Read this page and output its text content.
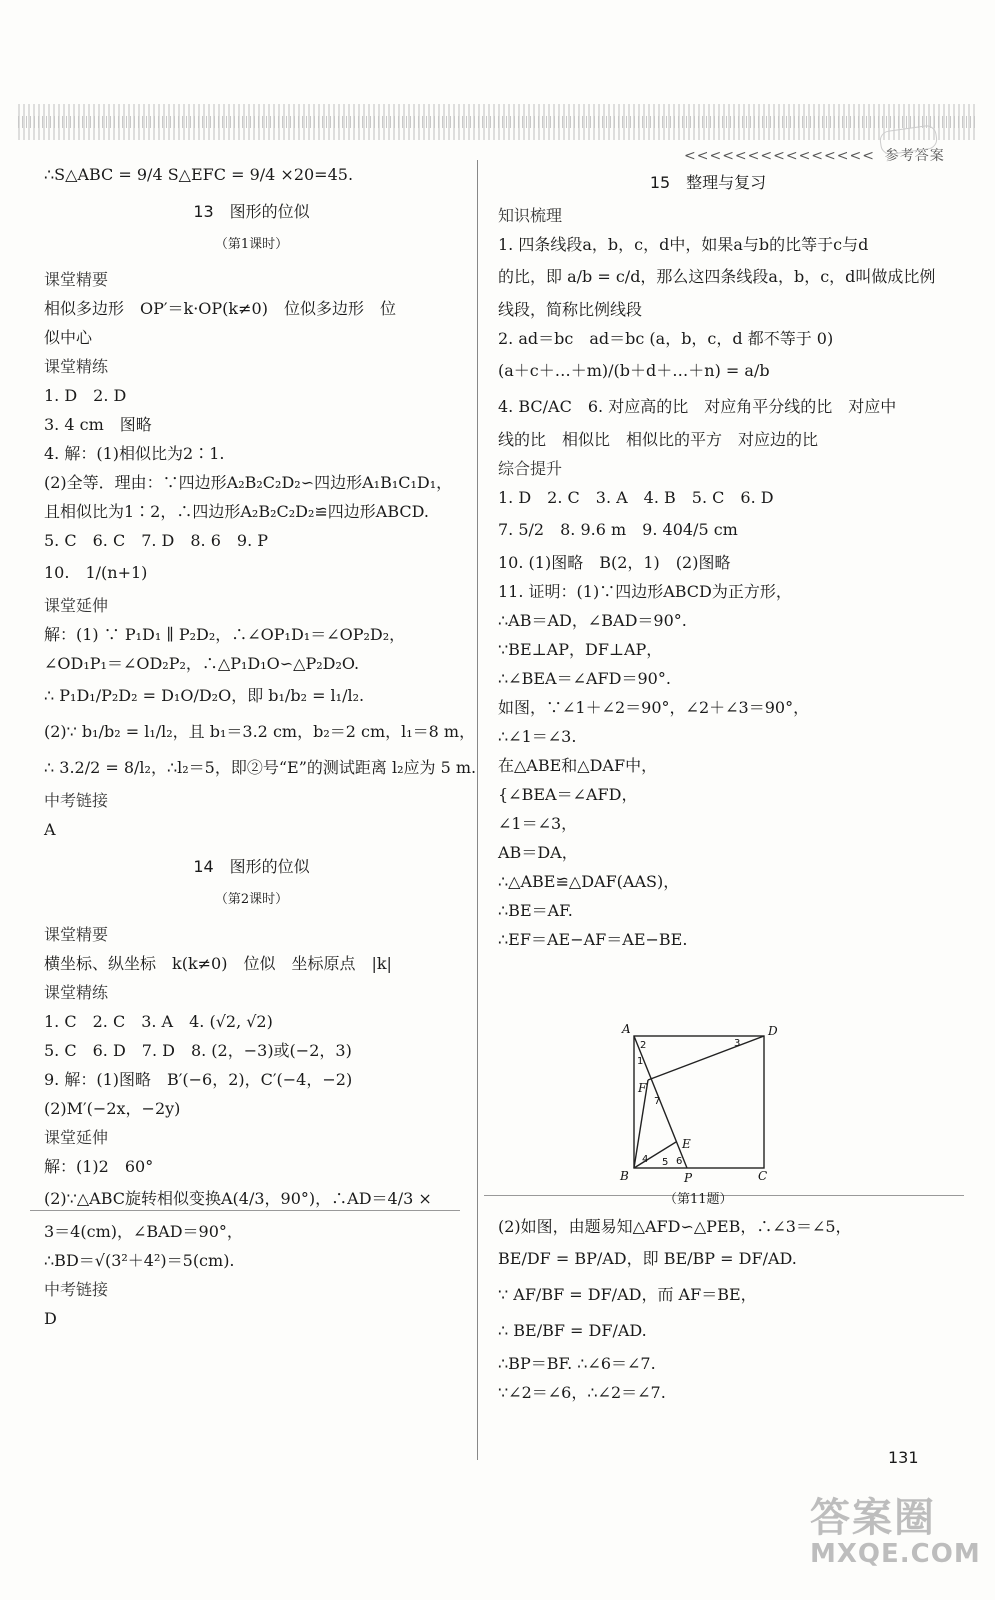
<<<<<<<<<<<<<<< 参考答案
∴S△ABC = 9/4 S△EFC = 9/4 ×20=45.
13　图形的位似
（第1课时）
课堂精要
相似多边形　OP′＝k·OP(k≠0)　位似多边形　位
似中心
课堂精练
1. D　2. D
3. 4 cm　图略
4. 解：(1)相似比为2∶1.
(2)全等．理由：∵四边形A₂B₂C₂D₂∽四边形A₁B₁C₁D₁，
且相似比为1∶2，∴四边形A₂B₂C₂D₂≌四边形ABCD.
5. C　6. C　7. D　8. 6　9. P
10.　1/(n+1)
课堂延伸
解：(1) ∵ P₁D₁ ∥ P₂D₂，∴∠OP₁D₁＝∠OP₂D₂，
∠OD₁P₁＝∠OD₂P₂，∴△P₁D₁O∽△P₂D₂O.
∴ P₁D₁/P₂D₂ = D₁O/D₂O，即 b₁/b₂ = l₁/l₂.
(2)∵ b₁/b₂ = l₁/l₂，且 b₁＝3.2 cm，b₂＝2 cm，l₁＝8 m，
∴ 3.2/2 = 8/l₂，∴l₂＝5，即②号“E”的测试距离 l₂应为 5 m.
中考链接
A
14　图形的位似
（第2课时）
课堂精要
横坐标、纵坐标　k(k≠0)　位似　坐标原点　|k|
课堂精练
1. C　2. C　3. A　4. (√2, √2)
5. C　6. D　7. D　8. (2，−3)或(−2，3)
9. 解：(1)图略　B′(−6，2)，C′(−4，−2)
(2)M′(−2x，−2y)
课堂延伸
解：(1)2　60°
(2)∵△ABC旋转相似变换A(4/3，90°)，∴AD＝4/3 ×
3＝4(cm)，∠BAD＝90°，
∴BD＝√(3²＋4²)＝5(cm).
中考链接
D
15　整理与复习
知识梳理
1. 四条线段a，b，c，d中，如果a与b的比等于c与d
的比，即 a/b = c/d，那么这四条线段a，b，c，d叫做成比例
线段，简称比例线段
2. ad＝bc　ad＝bc (a，b，c，d 都不等于 0)
(a＋c＋…＋m)/(b＋d＋…＋n) = a/b
4. BC/AC　6. 对应高的比　对应角平分线的比　对应中
线的比　相似比　相似比的平方　对应边的比
综合提升
1. D　2. C　3. A　4. B　5. C　6. D
7. 5/2　8. 9.6 m　9. 404/5 cm
10. (1)图略　B(2，1)　(2)图略
11. 证明：(1)∵四边形ABCD为正方形，
∴AB＝AD，∠BAD＝90°.
∵BE⊥AP，DF⊥AP，
∴∠BEA＝∠AFD＝90°.
如图，∵∠1＋∠2＝90°，∠2＋∠3＝90°，
∴∠1＝∠3.
在△ABE和△DAF中，
{∠BEA＝∠AFD，
∠1＝∠3，
AB＝DA，
∴△ABE≌△DAF(AAS)，
∴BE＝AF.
∴EF＝AE−AF＝AE−BE.
(2)如图，由题易知△AFD∽△PEB，∴∠3＝∠5，
BE/DF = BP/AD，即 BE/BP = DF/AD.
∵ AF/BF = DF/AD，而 AF＝BE，
∴ BE/BF = DF/AD.
∴BP＝BF. ∴∠6＝∠7.
∵∠2＝∠6，∴∠2＝∠7.
A	D
B	C
P
E
F
2
1
3
4 5 6
7
（第11题）
131
答案圈
MXQE.COM
